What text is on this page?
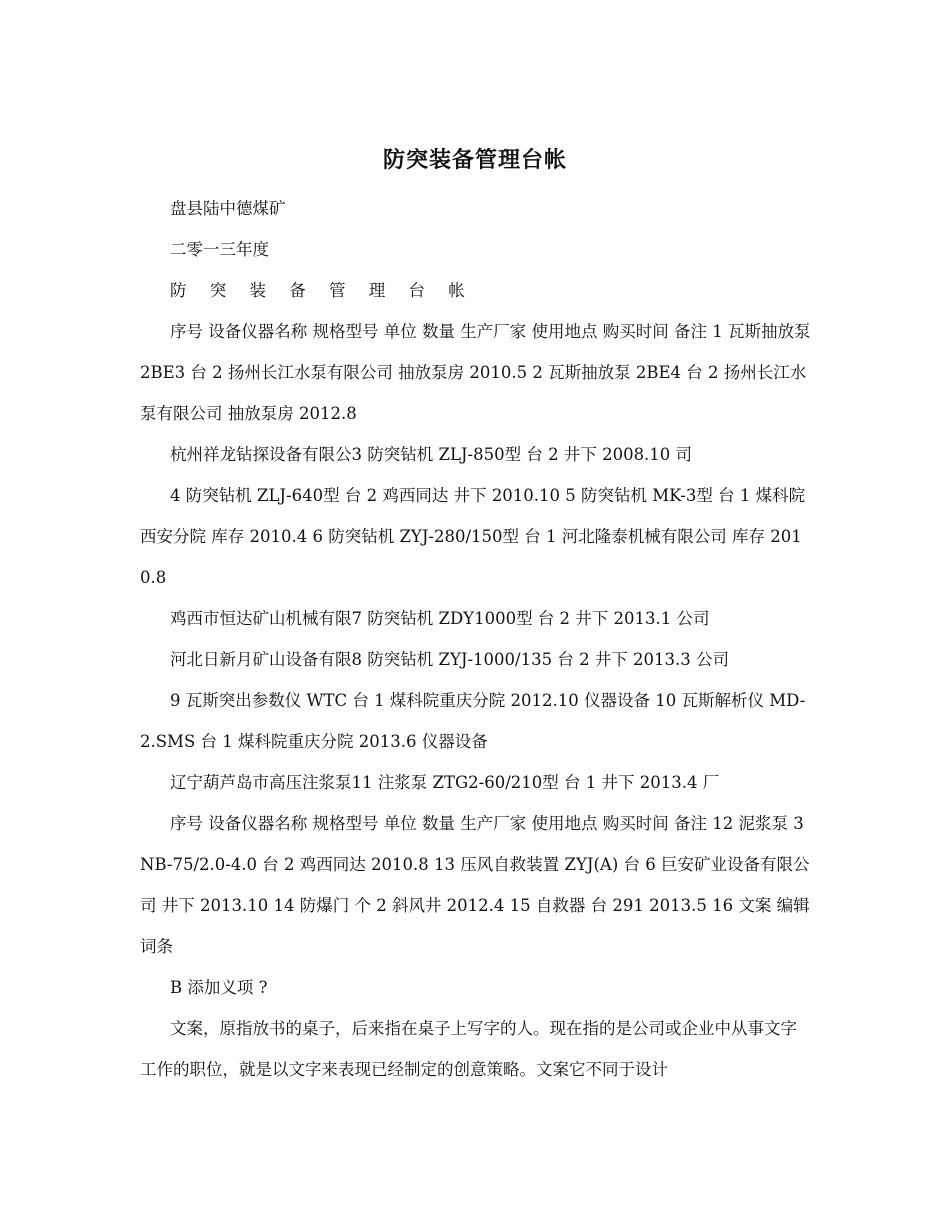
防突装备管理台帐

盘县陆中德煤矿

二零一三年度

防 突 装 备 管 理 台 帐

序号 设备仪器名称 规格型号 单位 数量 生产厂家 使用地点 购买时间 备注 1 瓦斯抽放泵 2BE3 台 2 扬州长江水泵有限公司 抽放泵房 2010.5 2 瓦斯抽放泵 2BE4 台 2 扬州长江水泵有限公司 抽放泵房 2012.8

杭州祥龙钻探设备有限公3 防突钻机 ZLJ-850型 台 2 井下 2008.10 司

4 防突钻机 ZLJ-640型 台 2 鸡西同达 井下 2010.10 5 防突钻机 MK-3型 台 1 煤科院西安分院 库存 2010.4 6 防突钻机 ZYJ-280/150型 台 1 河北隆泰机械有限公司 库存 2010.8

鸡西市恒达矿山机械有限7 防突钻机 ZDY1000型 台 2 井下 2013.1 公司

河北日新月矿山设备有限8 防突钻机 ZYJ-1000/135 台 2 井下 2013.3 公司

9 瓦斯突出参数仪 WTC 台 1 煤科院重庆分院 2012.10 仪器设备 10 瓦斯解析仪 MD-2.SMS 台 1 煤科院重庆分院 2013.6 仪器设备

辽宁葫芦岛市高压注浆泵11 注浆泵 ZTG2-60/210型 台 1 井下 2013.4 厂

序号 设备仪器名称 规格型号 单位 数量 生产厂家 使用地点 购买时间 备注 12 泥浆泵 3NB-75/2.0-4.0 台 2 鸡西同达 2010.8 13 压风自救装置 ZYJ(A) 台 6 巨安矿业设备有限公司 井下 2013.10 14 防爆门 个 2 斜风井 2012.4 15 自救器 台 291 2013.5 16 文案 编辑词条

B 添加义项 ?

文案，原指放书的桌子，后来指在桌子上写字的人。现在指的是公司或企业中从事文字工作的职位，就是以文字来表现已经制定的创意策略。文案它不同于设计
